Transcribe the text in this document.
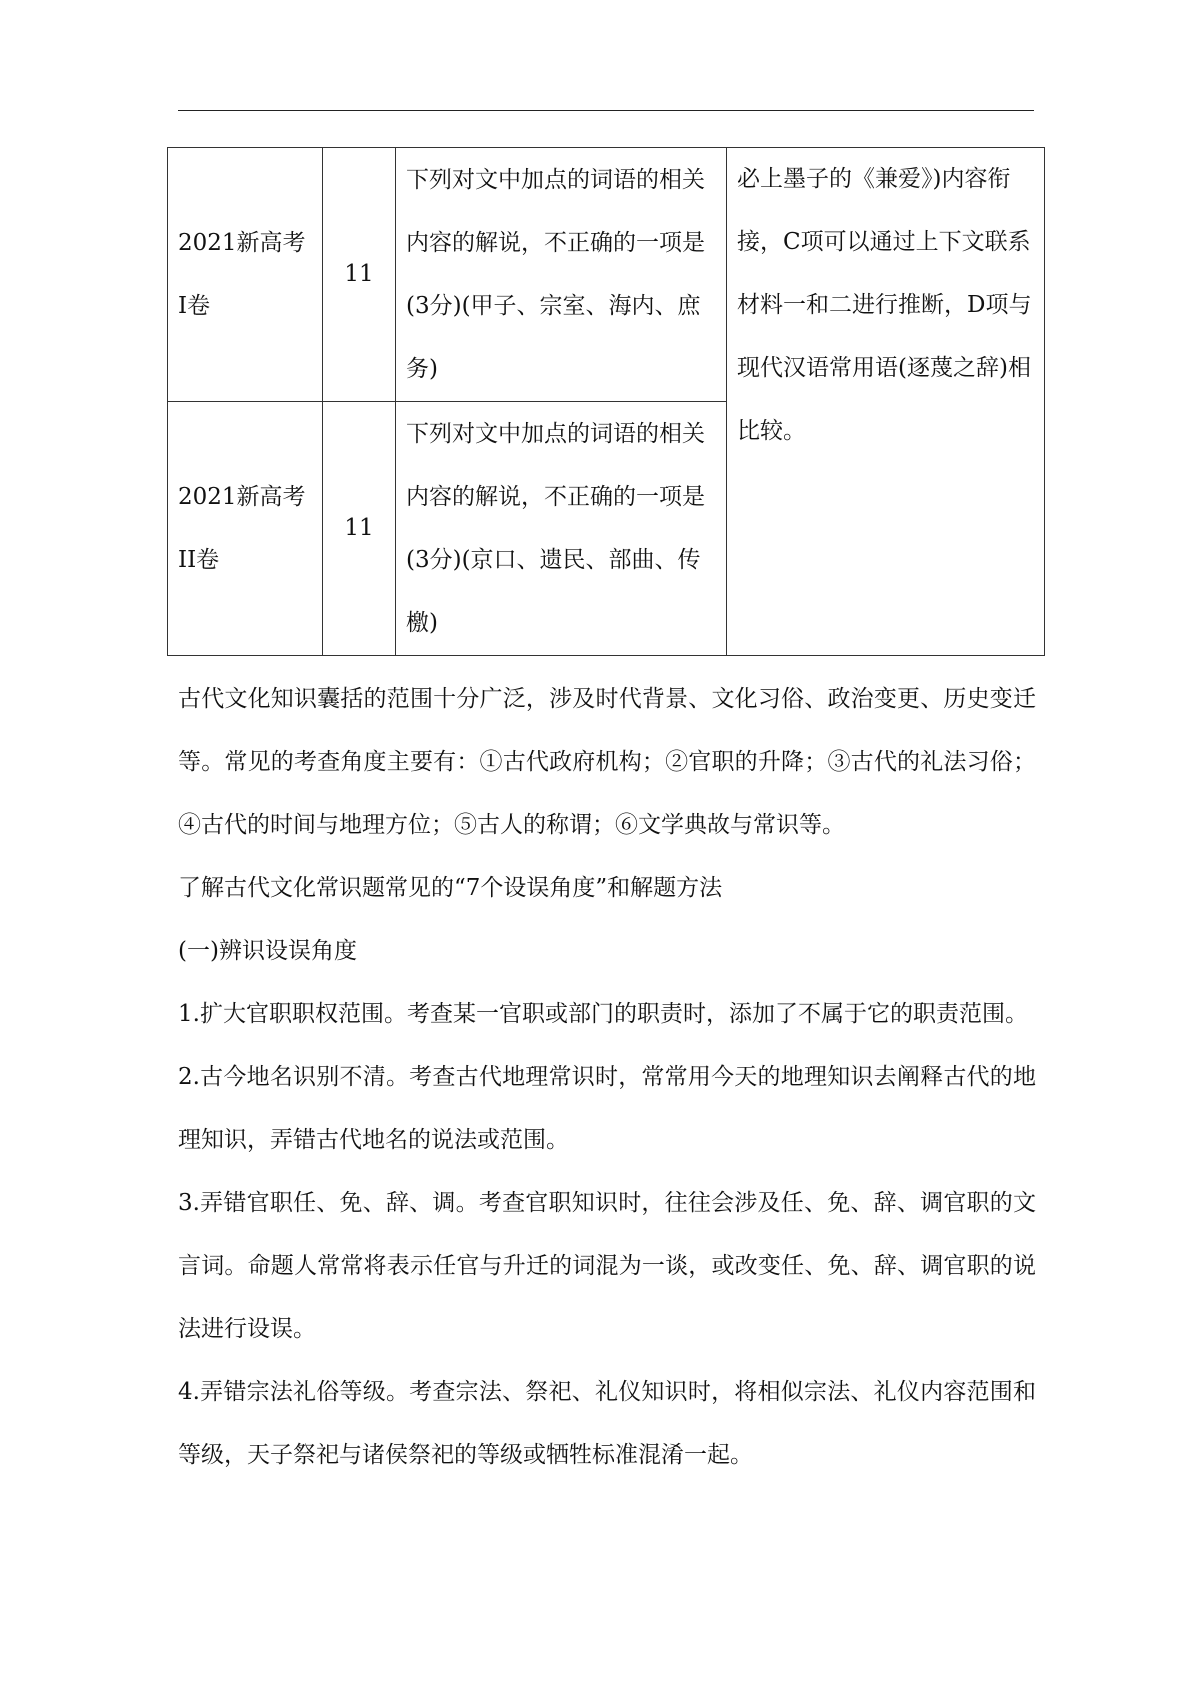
2021新高考I卷	11	下列对文中加点的词语的相关内容的解说，不正确的一项是(3分)(甲子、宗室、海内、庶务)	必上墨子的《兼爱》)内容衔接，C项可以通过上下文联系材料一和二进行推断，D项与现代汉语常用语(逐蔑之辞)相比较。
2021新高考II卷	11	下列对文中加点的词语的相关内容的解说，不正确的一项是(3分)(京口、遗民、部曲、传檄)	

古代文化知识囊括的范围十分广泛，涉及时代背景、文化习俗、政治变更、历史变迁等。常见的考查角度主要有：①古代政府机构；②官职的升降；③古代的礼法习俗；④古代的时间与地理方位；⑤古人的称谓；⑥文学典故与常识等。

了解古代文化常识题常见的“7个设误角度”和解题方法

(一)辨识设误角度

1.扩大官职职权范围。考查某一官职或部门的职责时，添加了不属于它的职责范围。

2.古今地名识别不清。考查古代地理常识时，常常用今天的地理知识去阐释古代的地理知识，弄错古代地名的说法或范围。

3.弄错官职任、免、辞、调。考查官职知识时，往往会涉及任、免、辞、调官职的文言词。命题人常常将表示任官与升迁的词混为一谈，或改变任、免、辞、调官职的说法进行设误。

4.弄错宗法礼俗等级。考查宗法、祭祀、礼仪知识时，将相似宗法、礼仪内容范围和等级，天子祭祀与诸侯祭祀的等级或牺牲标准混淆一起。
